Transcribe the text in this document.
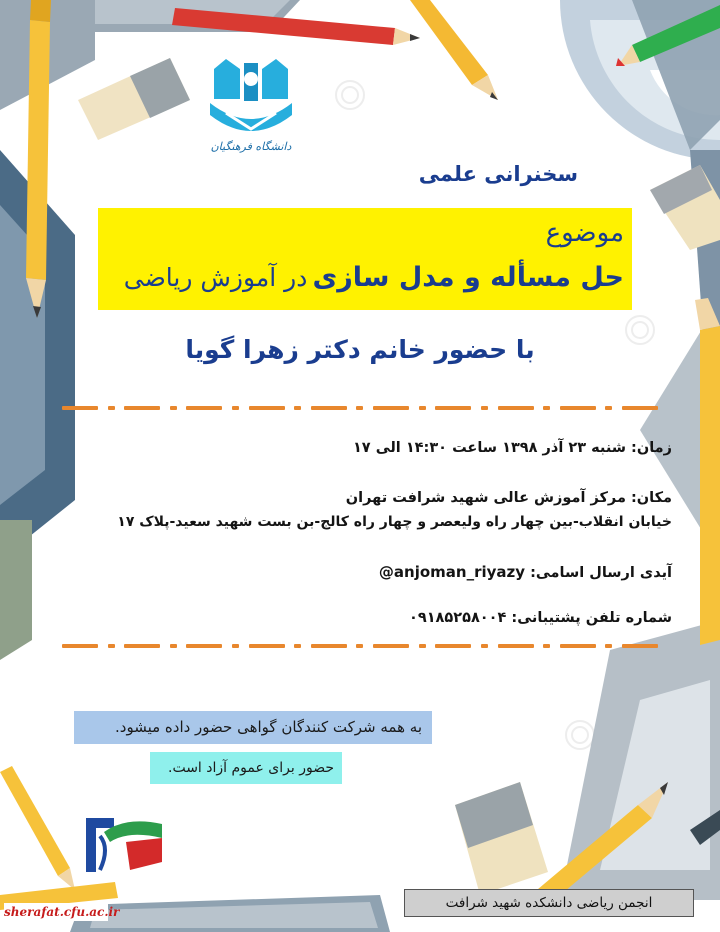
دانشگاه فرهنگیان
سخنرانی علمی
موضوع
حل مسأله و مدل سازی در آموزش ریاضی
با حضور خانم دکتر زهرا گویا
زمان: شنبه ۲۳ آذر ۱۳۹۸ ساعت ۱۴:۳۰ الی ۱۷
مکان: مرکز آموزش عالی شهید شرافت تهران
خیابان انقلاب-بین چهار راه ولیعصر و چهار راه کالج-بن بست شهید سعید-پلاک ۱۷
آیدی ارسال اسامی: @anjoman_riyazy
شماره تلفن پشتیبانی: ۰۹۱۸۵۲۵۸۰۰۴
به همه شرکت کنندگان گواهی حضور داده میشود.
حضور برای عموم آزاد است.
انجمن ریاضی دانشکده شهید شرافت
sherafat.cfu.ac.ir
